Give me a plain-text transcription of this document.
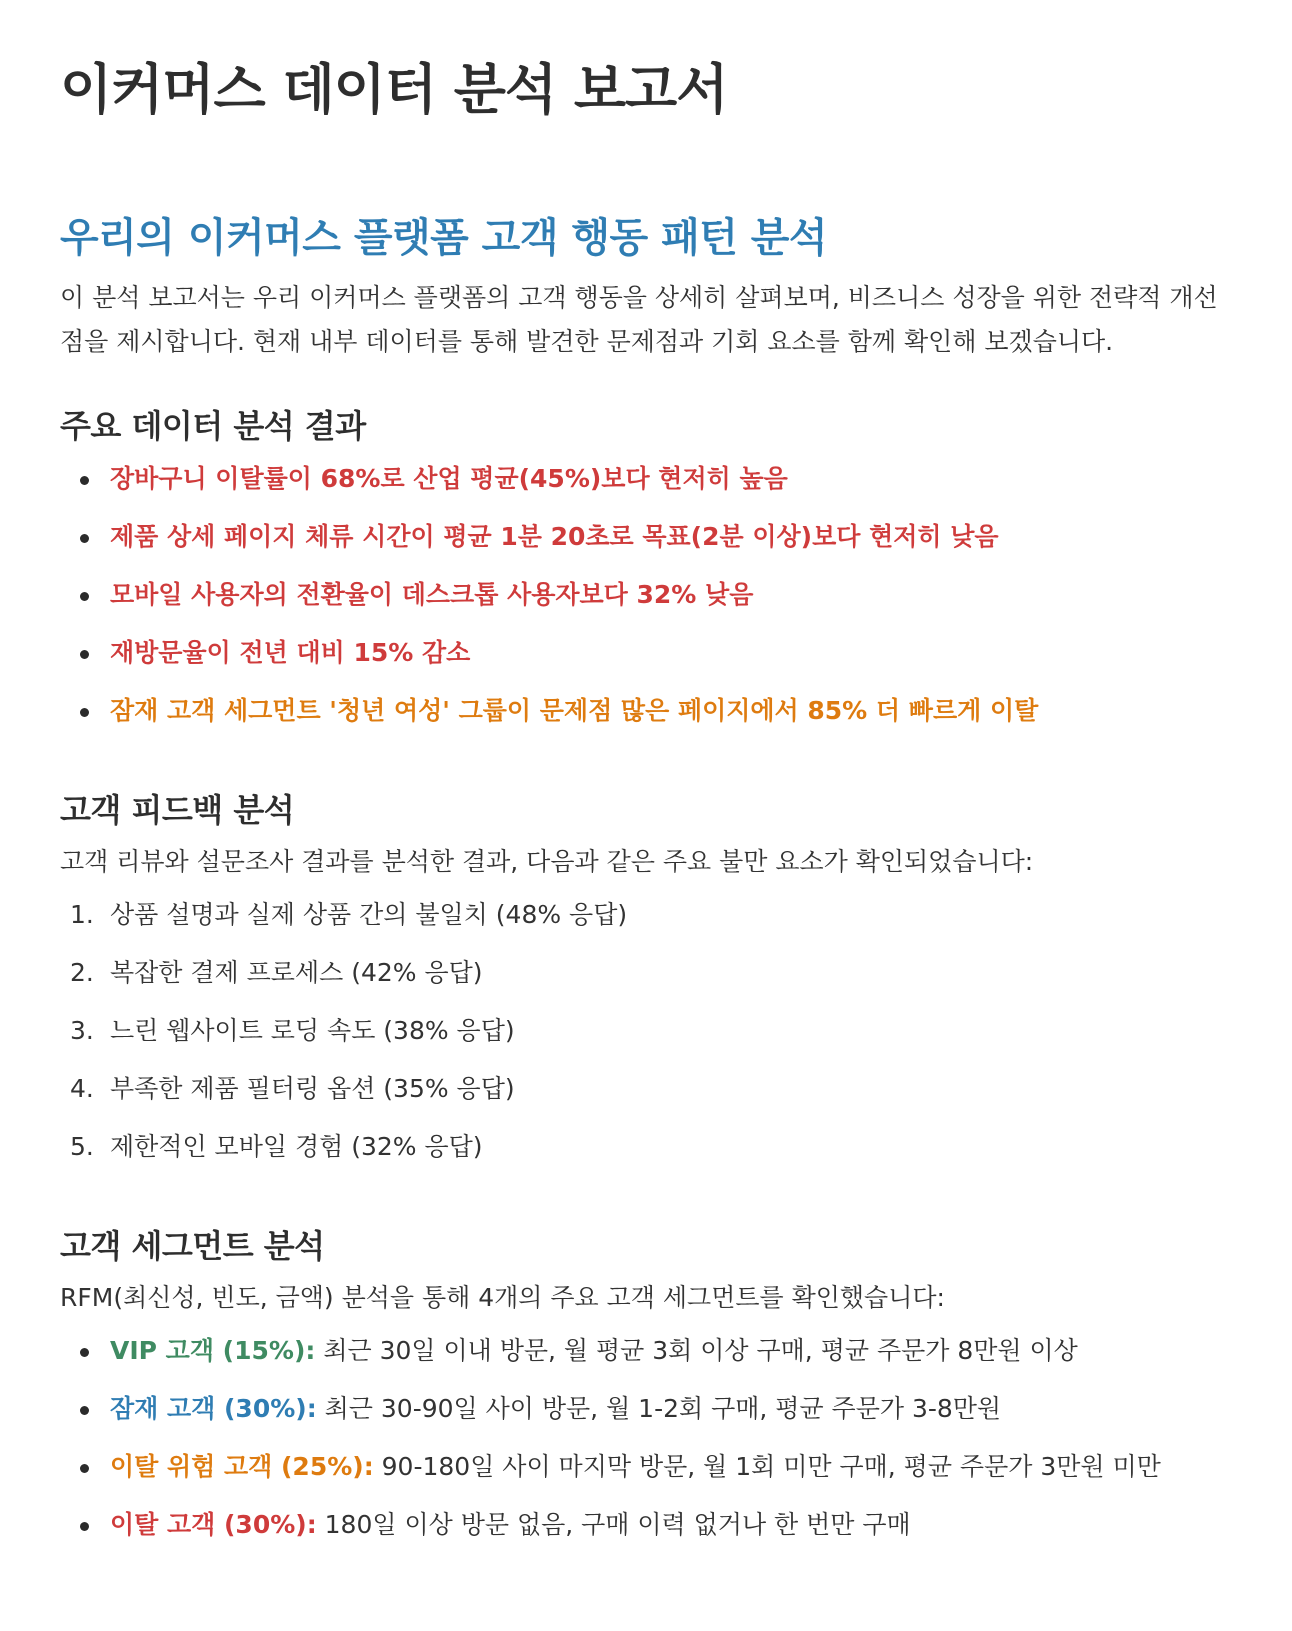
이커머스 데이터 분석 보고서
우리의 이커머스 플랫폼 고객 행동 패턴 분석

이 분석 보고서는 우리 이커머스 플랫폼의 고객 행동을 상세히 살펴보며, 비즈니스 성장을 위한 전략적 개선점을 제시합니다. 현재 내부 데이터를 통해 발견한 문제점과 기회 요소를 함께 확인해 보겠습니다.

주요 데이터 분석 결과
장바구니 이탈률이 68%로 산업 평균(45%)보다 현저히 높음
제품 상세 페이지 체류 시간이 평균 1분 20초로 목표(2분 이상)보다 현저히 낮음
모바일 사용자의 전환율이 데스크톱 사용자보다 32% 낮음
재방문율이 전년 대비 15% 감소
잠재 고객 세그먼트 '청년 여성' 그룹이 문제점 많은 페이지에서 85% 더 빠르게 이탈
고객 피드백 분석

고객 리뷰와 설문조사 결과를 분석한 결과, 다음과 같은 주요 불만 요소가 확인되었습니다:

1. 상품 설명과 실제 상품 간의 불일치 (48% 응답)
2. 복잡한 결제 프로세스 (42% 응답)
3. 느린 웹사이트 로딩 속도 (38% 응답)
4. 부족한 제품 필터링 옵션 (35% 응답)
5. 제한적인 모바일 경험 (32% 응답)
고객 세그먼트 분석

RFM(최신성, 빈도, 금액) 분석을 통해 4개의 주요 고객 세그먼트를 확인했습니다:

VIP 고객 (15%): 최근 30일 이내 방문, 월 평균 3회 이상 구매, 평균 주문가 8만원 이상
잠재 고객 (30%): 최근 30-90일 사이 방문, 월 1-2회 구매, 평균 주문가 3-8만원
이탈 위험 고객 (25%): 90-180일 사이 마지막 방문, 월 1회 미만 구매, 평균 주문가 3만원 미만
이탈 고객 (30%): 180일 이상 방문 없음, 구매 이력 없거나 한 번만 구매
